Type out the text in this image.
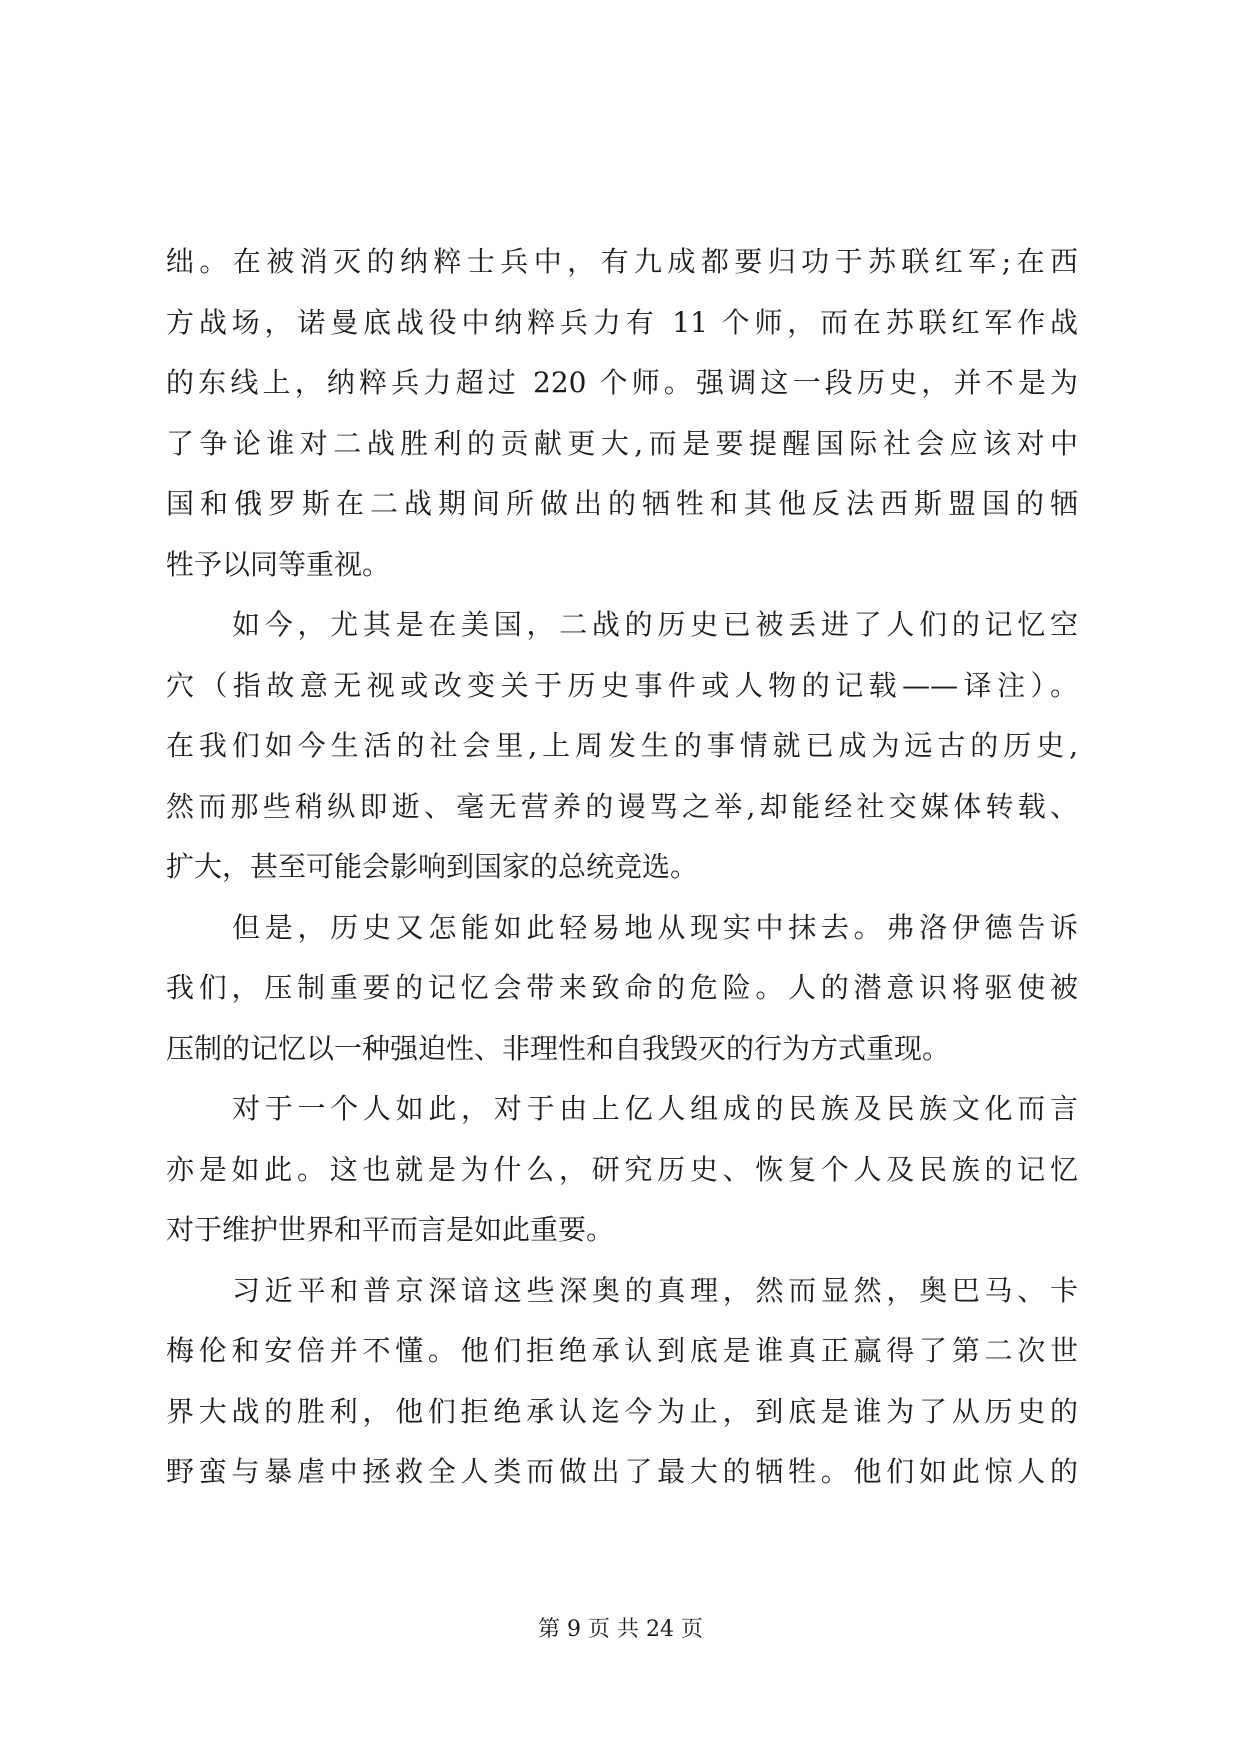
绌。在被消灭的纳粹士兵中，有九成都要归功于苏联红军;在西
方战场，诺曼底战役中纳粹兵力有 11 个师，而在苏联红军作战
的东线上，纳粹兵力超过 220 个师。强调这一段历史，并不是为
了争论谁对二战胜利的贡献更大,而是要提醒国际社会应该对中
国和俄罗斯在二战期间所做出的牺牲和其他反法西斯盟国的牺
牲予以同等重视。
如今，尤其是在美国，二战的历史已被丢进了人们的记忆空
穴（指故意无视或改变关于历史事件或人物的记载——译注）。
在我们如今生活的社会里,上周发生的事情就已成为远古的历史,
然而那些稍纵即逝、毫无营养的谩骂之举,却能经社交媒体转载、
扩大，甚至可能会影响到国家的总统竞选。
但是，历史又怎能如此轻易地从现实中抹去。弗洛伊德告诉
我们，压制重要的记忆会带来致命的危险。人的潜意识将驱使被
压制的记忆以一种强迫性、非理性和自我毁灭的行为方式重现。
对于一个人如此，对于由上亿人组成的民族及民族文化而言
亦是如此。这也就是为什么，研究历史、恢复个人及民族的记忆
对于维护世界和平而言是如此重要。
习近平和普京深谙这些深奥的真理，然而显然，奥巴马、卡
梅伦和安倍并不懂。他们拒绝承认到底是谁真正赢得了第二次世
界大战的胜利，他们拒绝承认迄今为止，到底是谁为了从历史的
野蛮与暴虐中拯救全人类而做出了最大的牺牲。他们如此惊人的
第 9 页 共 24 页
